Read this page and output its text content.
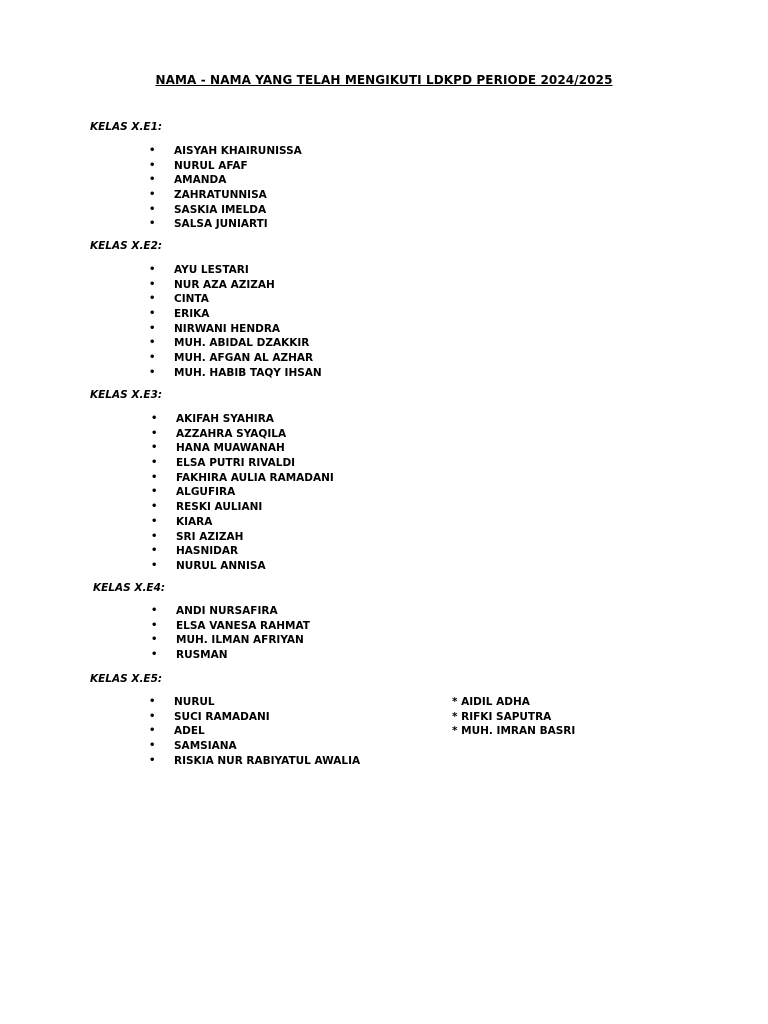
NAMA - NAMA YANG TELAH MENGIKUTI LDKPD PERIODE 2024/2025
KELAS X.E1:
• AISYAH KHAIRUNISSA
• NURUL AFAF
• AMANDA
• ZAHRATUNNISA
• SASKIA IMELDA
• SALSA JUNIARTI
KELAS X.E2:
• AYU LESTARI
• NUR AZA AZIZAH
• CINTA
• ERIKA
• NIRWANI HENDRA
• MUH. ABIDAL DZAKKIR
• MUH. AFGAN AL AZHAR
• MUH. HABIB TAQY IHSAN
KELAS X.E3:
• AKIFAH SYAHIRA
• AZZAHRA SYAQILA
• HANA MUAWANAH
• ELSA PUTRI RIVALDI
• FAKHIRA AULIA RAMADANI
• ALGUFIRA
• RESKI AULIANI
• KIARA
• SRI AZIZAH
• HASNIDAR
• NURUL ANNISA
KELAS X.E4:
• ANDI NURSAFIRA
• ELSA VANESA RAHMAT
• MUH. ILMAN AFRIYAN
• RUSMAN
KELAS X.E5:
• NURUL
• SUCI RAMADANI
• ADEL
• SAMSIANA
• RISKIA NUR RABIYATUL AWALIA
* AIDIL ADHA
* RIFKI SAPUTRA
* MUH. IMRAN BASRI
